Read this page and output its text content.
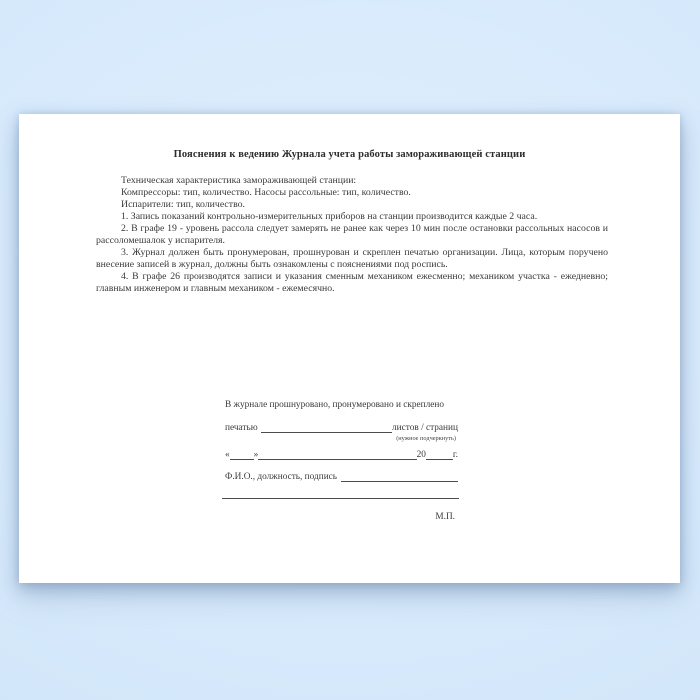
Пояснения к ведению Журнала учета работы замораживающей станции

Техническая характеристика замораживающей станции:

Компрессоры: тип, количество. Насосы рассольные: тип, количество.

Испарители: тип, количество.

1. Запись показаний контрольно-измерительных приборов на станции производится каждые 2 часа.

2. В графе 19 - уровень рассола следует замерять не ранее как через 10 мин после остановки рассольных насосов и рассоломешалок у испарителя.

3. Журнал должен быть пронумерован, прошнурован и скреплен печатью организации. Лица, которым поручено внесение записей в журнал, должны быть ознакомлены с пояснениями под роспись.

4. В графе 26 производятся записи и указания сменным механиком ежесменно; механиком участка - ежедневно; главным инженером и главным механиком - ежемесячно.

В журнале прошнуровано, пронумеровано и скреплено
печатью	листов / страниц
(нужное подчеркнуть)
«	»	20	г.
Ф.И.О., должность, подпись
М.П.
